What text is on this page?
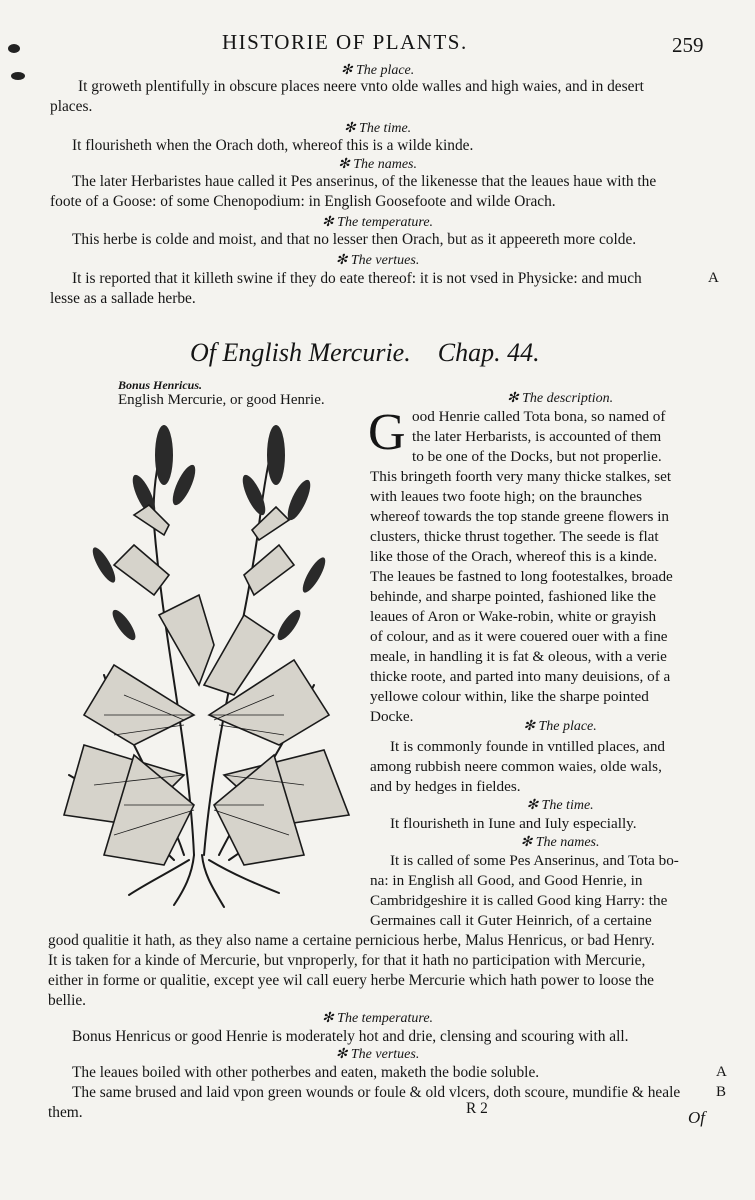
HISTORIE OF PLANTS.	259
✻ The place.
It groweth plentifully in obscure places neere vnto olde walles and high waies, and in desert
places.
✻ The time.
It flourisheth when the Orach doth, whereof this is a wilde kinde.
✻ The names.
The later Herbaristes haue called it Pes anserinus, of the likenesse that the leaues haue with the
foote of a Goose: of some Chenopodium: in English Goosefoote and wilde Orach.
✻ The temperature.
This herbe is colde and moist, and that no lesser then Orach, but as it appeereth more colde.
✻ The vertues.
It is reported that it killeth swine if they do eate thereof: it is not vsed in Physicke: and much
lesse as a sallade herbe.
A
Of English Mercurie. Chap. 44.
Bonus Henricus.
English Mercurie, or good Henrie.	✻ The description.
G ood Henrie called Tota bona, so named of
the later Herbarists, is accounted of them
to be one of the Docks, but not properlie.
This bringeth foorth very many thicke stalkes, set
with leaues two foote high; on the braunches
whereof towards the top stande greene flowers in
clusters, thicke thrust together. The seede is flat
like those of the Orach, whereof this is a kinde.
The leaues be fastned to long footestalkes, broade
behinde, and sharpe pointed, fashioned like the
leaues of Aron or Wake-robin, white or grayish
of colour, and as it were couered ouer with a fine
meale, in handling it is fat & oleous, with a verie
thicke roote, and parted into many deuisions, of a
yellowe colour within, like the sharpe pointed
Docke.
✻ The place.
It is commonly founde in vntilled places, and
among rubbish neere common waies, olde wals,
and by hedges in fieldes.
✻ The time.
It flourisheth in Iune and Iuly especially.
✻ The names.
It is called of some Pes Anserinus, and Tota bo-
na: in English all Good, and Good Henrie, in
Cambridgeshire it is called Good king Harry: the
Germaines call it Guter Heinrich, of a certaine
good qualitie it hath, as they also name a certaine pernicious herbe, Malus Henricus, or bad Henry.
It is taken for a kinde of Mercurie, but vnproperly, for that it hath no participation with Mercurie,
either in forme or qualitie, except yee wil call euery herbe Mercurie which hath power to loose the
bellie.
✻ The temperature.
Bonus Henricus or good Henrie is moderately hot and drie, clensing and scouring with all.
✻ The vertues.
The leaues boiled with other potherbes and eaten, maketh the bodie soluble.
The same brused and laid vpon green wounds or foule & old vlcers, doth scoure, mundifie & heale
them.
A
B
R 2	Of
